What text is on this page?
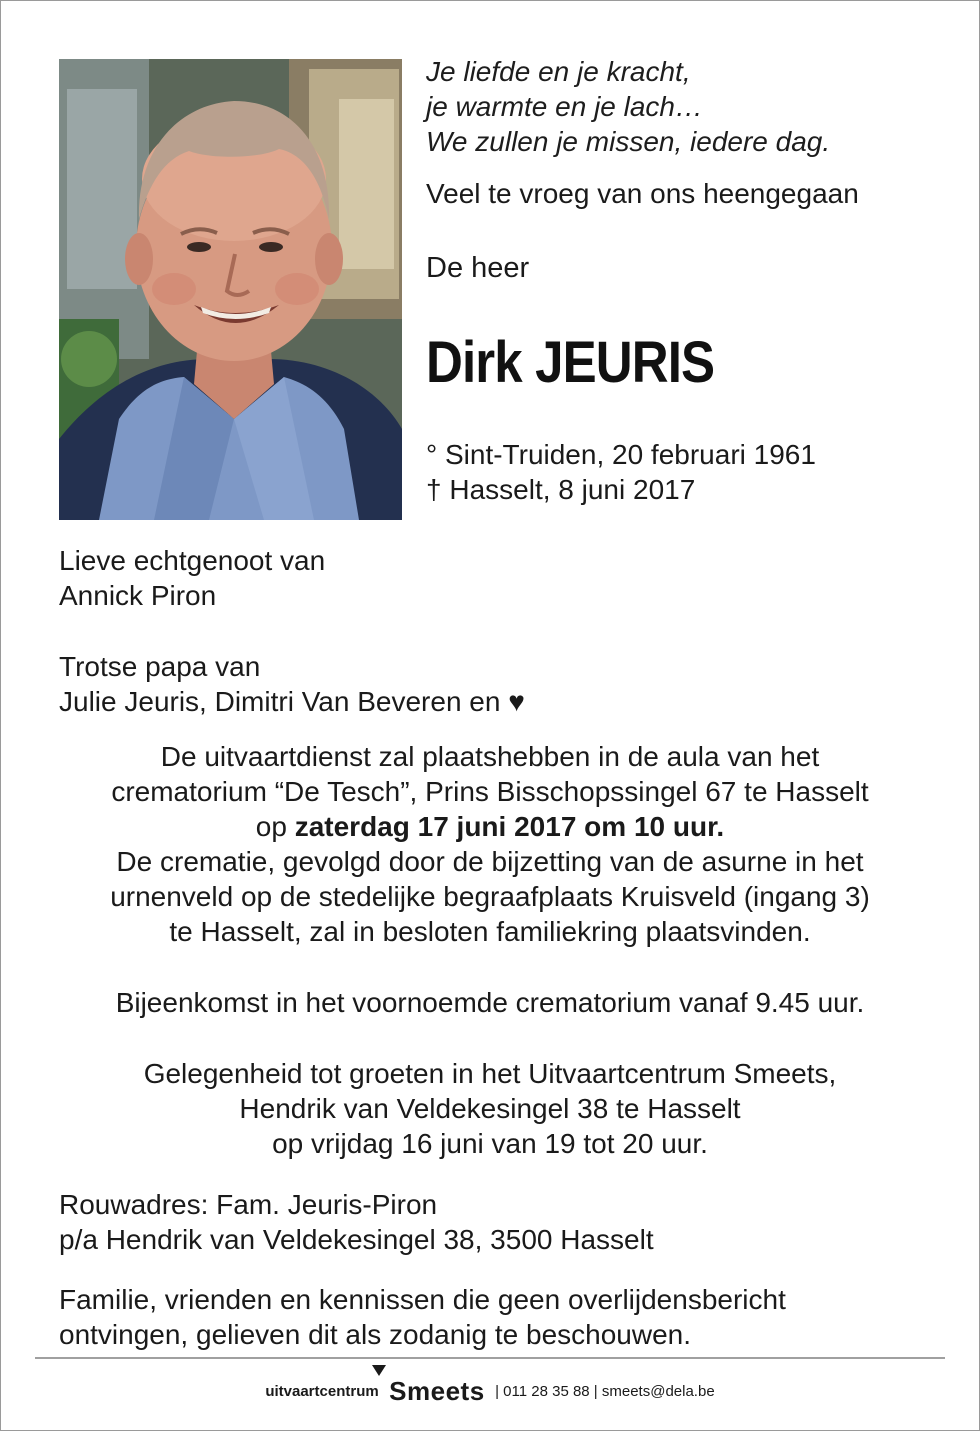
Je liefde en je kracht,
je warmte en je lach…
We zullen je missen, iedere dag.
Veel te vroeg van ons heengegaan
De heer
Dirk JEURIS
° Sint-Truiden, 20 februari 1961
† Hasselt, 8 juni 2017
Lieve echtgenoot van
Annick Piron
Trotse papa van
Julie Jeuris, Dimitri Van Beveren en ♥
De uitvaartdienst zal plaatshebben in de aula van het
crematorium “De Tesch”, Prins Bisschopssingel 67 te Hasselt
op zaterdag 17 juni 2017 om 10 uur.
De crematie, gevolgd door de bijzetting van de asurne in het
urnenveld op de stedelijke begraafplaats Kruisveld (ingang 3)
te Hasselt, zal in besloten familiekring plaatsvinden.
Bijeenkomst in het voornoemde crematorium vanaf 9.45 uur.
Gelegenheid tot groeten in het Uitvaartcentrum Smeets,
Hendrik van Veldekesingel 38 te Hasselt
op vrijdag 16 juni van 19 tot 20 uur.
Rouwadres: Fam. Jeuris-Piron
p/a Hendrik van Veldekesingel 38, 3500 Hasselt
Familie, vrienden en kennissen die geen overlijdensbericht
ontvingen, gelieven dit als zodanig te beschouwen.
uitvaartcentrum Smeets | 011 28 35 88 | smeets@dela.be
